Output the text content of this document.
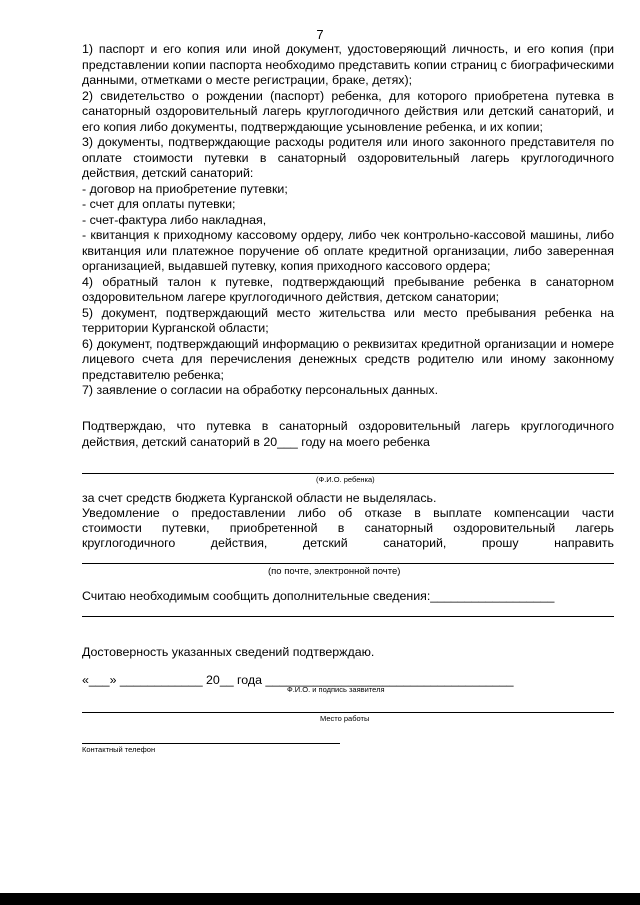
7

1) паспорт и его копия или иной документ, удостоверяющий личность, и его копия (при представлении копии паспорта необходимо представить копии страниц с биографическими данными, отметками о месте регистрации, браке, детях);

2) свидетельство о рождении (паспорт) ребенка, для которого приобретена путевка в санаторный оздоровительный лагерь круглогодичного действия или детский санаторий, и его копия либо документы, подтверждающие усыновление ребенка, и их копии;

3) документы, подтверждающие расходы родителя или иного законного представителя по оплате стоимости путевки в санаторный оздоровительный лагерь круглогодичного действия, детский санаторий:

- договор на приобретение путевки;

- счет для оплаты путевки;

- счет-фактура либо накладная,

- квитанция к приходному кассовому ордеру, либо чек контрольно-кассовой машины, либо квитанция или платежное поручение об оплате кредитной организации, либо заверенная организацией, выдавшей путевку, копия приходного кассового ордера;

4) обратный талон к путевке, подтверждающий пребывание ребенка в санаторном оздоровительном лагере круглогодичного действия, детском санатории;

5) документ, подтверждающий место жительства или место пребывания ребенка на территории Курганской области;

6) документ, подтверждающий информацию о реквизитах кредитной организации и номере лицевого счета для перечисления денежных средств родителю или иному законному представителю ребенка;

7) заявление о согласии на обработку персональных данных.

Подтверждаю, что путевка в санаторный оздоровительный лагерь круглогодичного
действия, детский санаторий в 20___ году на моего ребенка
(Ф.И.О. ребенка)
за счет средств бюджета Курганской области не выделялась.
Уведомление о предоставлении либо об отказе в выплате компенсации части
стоимости путевки, приобретенной в санаторный оздоровительный лагерь
круглогодичного действия, детский санаторий, прошу направить
(по почте, электронной почте)
Считаю необходимым сообщить дополнительные сведения:__________________
Достоверность указанных сведений подтверждаю.
«___» ____________ 20__ года ____________________________________
Ф.И.О. и подпись заявителя
Место работы
Контактный телефон
